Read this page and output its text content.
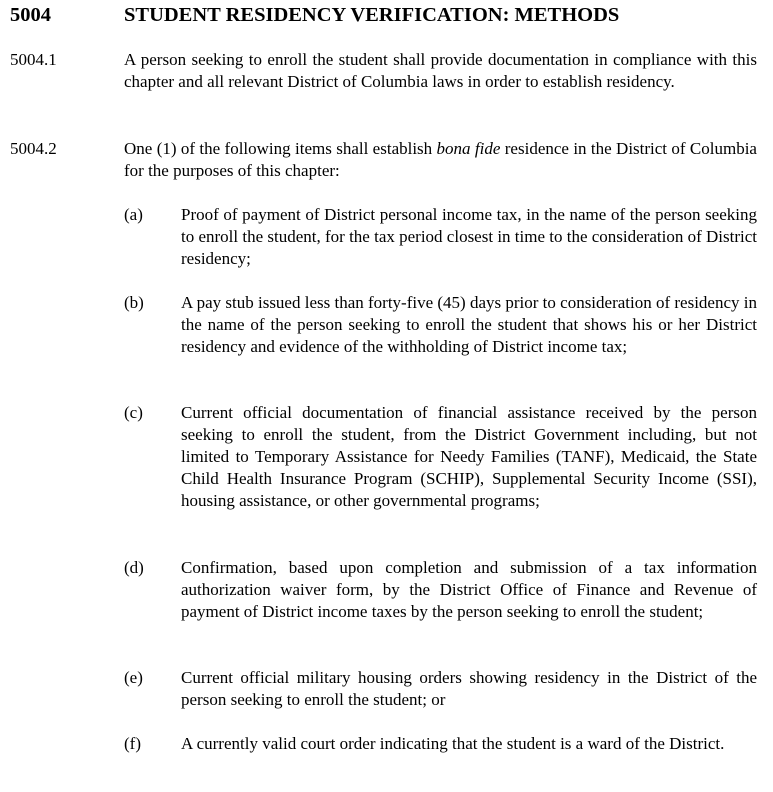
5004	STUDENT RESIDENCY VERIFICATION: METHODS
5004.1	A person seeking to enroll the student shall provide documentation in compliance with this chapter and all relevant District of Columbia laws in order to establish residency.
5004.2	One (1) of the following items shall establish bona fide residence in the District of Columbia for the purposes of this chapter:
(a) Proof of payment of District personal income tax, in the name of the person seeking to enroll the student, for the tax period closest in time to the consideration of District residency;
(b) A pay stub issued less than forty-five (45) days prior to consideration of residency in the name of the person seeking to enroll the student that shows his or her District residency and evidence of the withholding of District income tax;
(c) Current official documentation of financial assistance received by the person seeking to enroll the student, from the District Government including, but not limited to Temporary Assistance for Needy Families (TANF), Medicaid, the State Child Health Insurance Program (SCHIP), Supplemental Security Income (SSI), housing assistance, or other governmental programs;
(d) Confirmation, based upon completion and submission of a tax information authorization waiver form, by the District Office of Finance and Revenue of payment of District income taxes by the person seeking to enroll the student;
(e) Current official military housing orders showing residency in the District of the person seeking to enroll the student; or
(f) A currently valid court order indicating that the student is a ward of the District.
